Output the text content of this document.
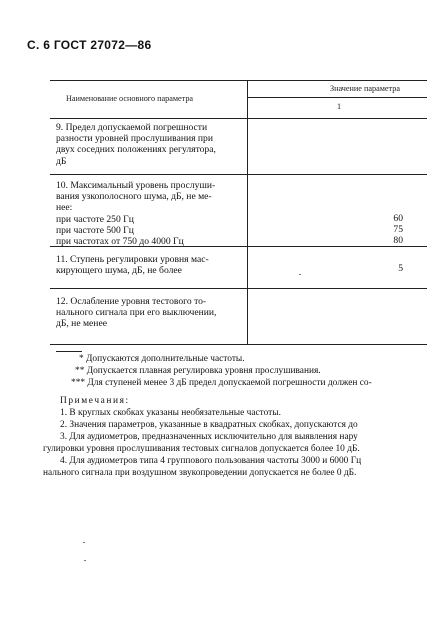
С. 6 ГОСТ 27072—86
Наименование основного параметра
Значение параметра
1
9. Предел допускаемой погрешности
разности уровней прослушивания при
двух соседних положениях регулятора,
дБ
10. Максимальный уровень прослуши-
вания узкополосного шума, дБ, не ме-
нее:
при частоте 250 Гц
при частоте 500 Гц
при частотах от 750 до 4000 Гц
60
75
80
11. Ступень регулировки уровня мас-
кирующего шума, дБ, не более	5
12. Ослабление уровня тестового то-
нального сигнала при его выключении,
дБ, не менее
* Допускаются дополнительные частоты.
** Допускается плавная регулировка уровня прослушивания.
*** Для ступеней менее 3 дБ предел допускаемой погрешности должен со-
Примечания:
1. В круглых скобках указаны необязательные частоты.
2. Значения параметров, указанные в квадратных скобках, допускаются до
3. Для аудиометров, предназначенных исключительно для выявления нару
гулировки уровня прослушивания тестовых сигналов допускается более 10 дБ.
4. Для аудиометров типа 4 группового пользования частоты 3000 и 6000 Гц
нального сигнала при воздушном звукопроведении допускается не более 0 дБ.
